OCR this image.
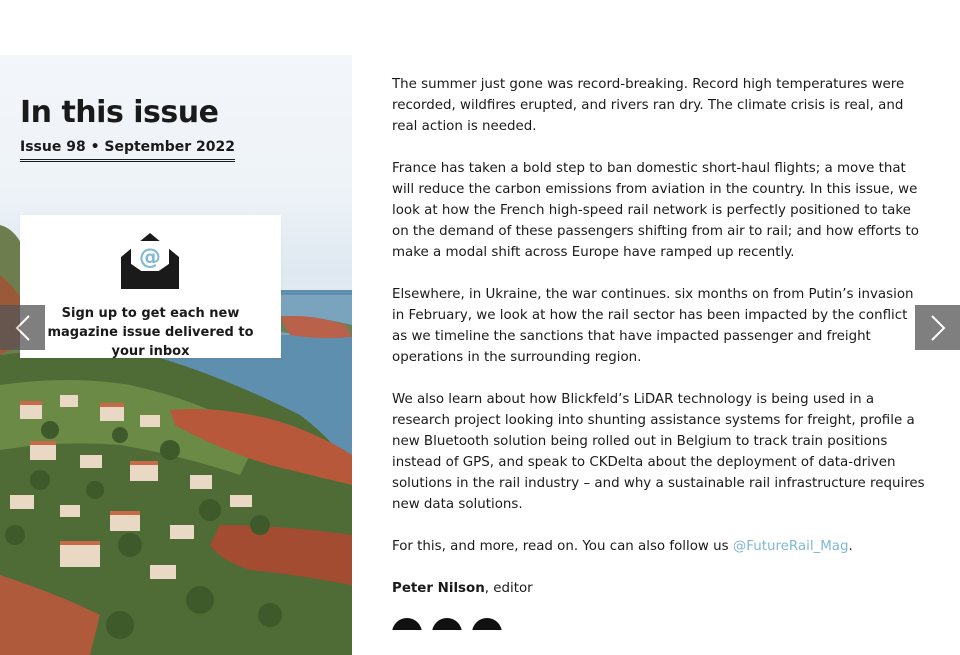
In this issue
Issue 98 • September 2022
@
Sign up to get each new magazine issue delivered to your inbox

The summer just gone was record-breaking. Record high temperatures were recorded, wildfires erupted, and rivers ran dry. The climate crisis is real, and real action is needed.

France has taken a bold step to ban domestic short-haul flights; a move that will reduce the carbon emissions from aviation in the country. In this issue, we look at how the French high-speed rail network is perfectly positioned to take on the demand of these passengers shifting from air to rail; and how efforts to make a modal shift across Europe have ramped up recently.

Elsewhere, in Ukraine, the war continues. six months on from Putin’s invasion in February, we look at how the rail sector has been impacted by the conflict as we timeline the sanctions that have impacted passenger and freight operations in the surrounding region.

We also learn about how Blickfeld’s LiDAR technology is being used in a research project looking into shunting assistance systems for freight, profile a new Bluetooth solution being rolled out in Belgium to track train positions instead of GPS, and speak to CKDelta about the deployment of data-driven solutions in the rail industry – and why a sustainable rail infrastructure requires new data solutions.

For this, and more, read on. You can also follow us @FutureRail_Mag.

Peter Nilson, editor
